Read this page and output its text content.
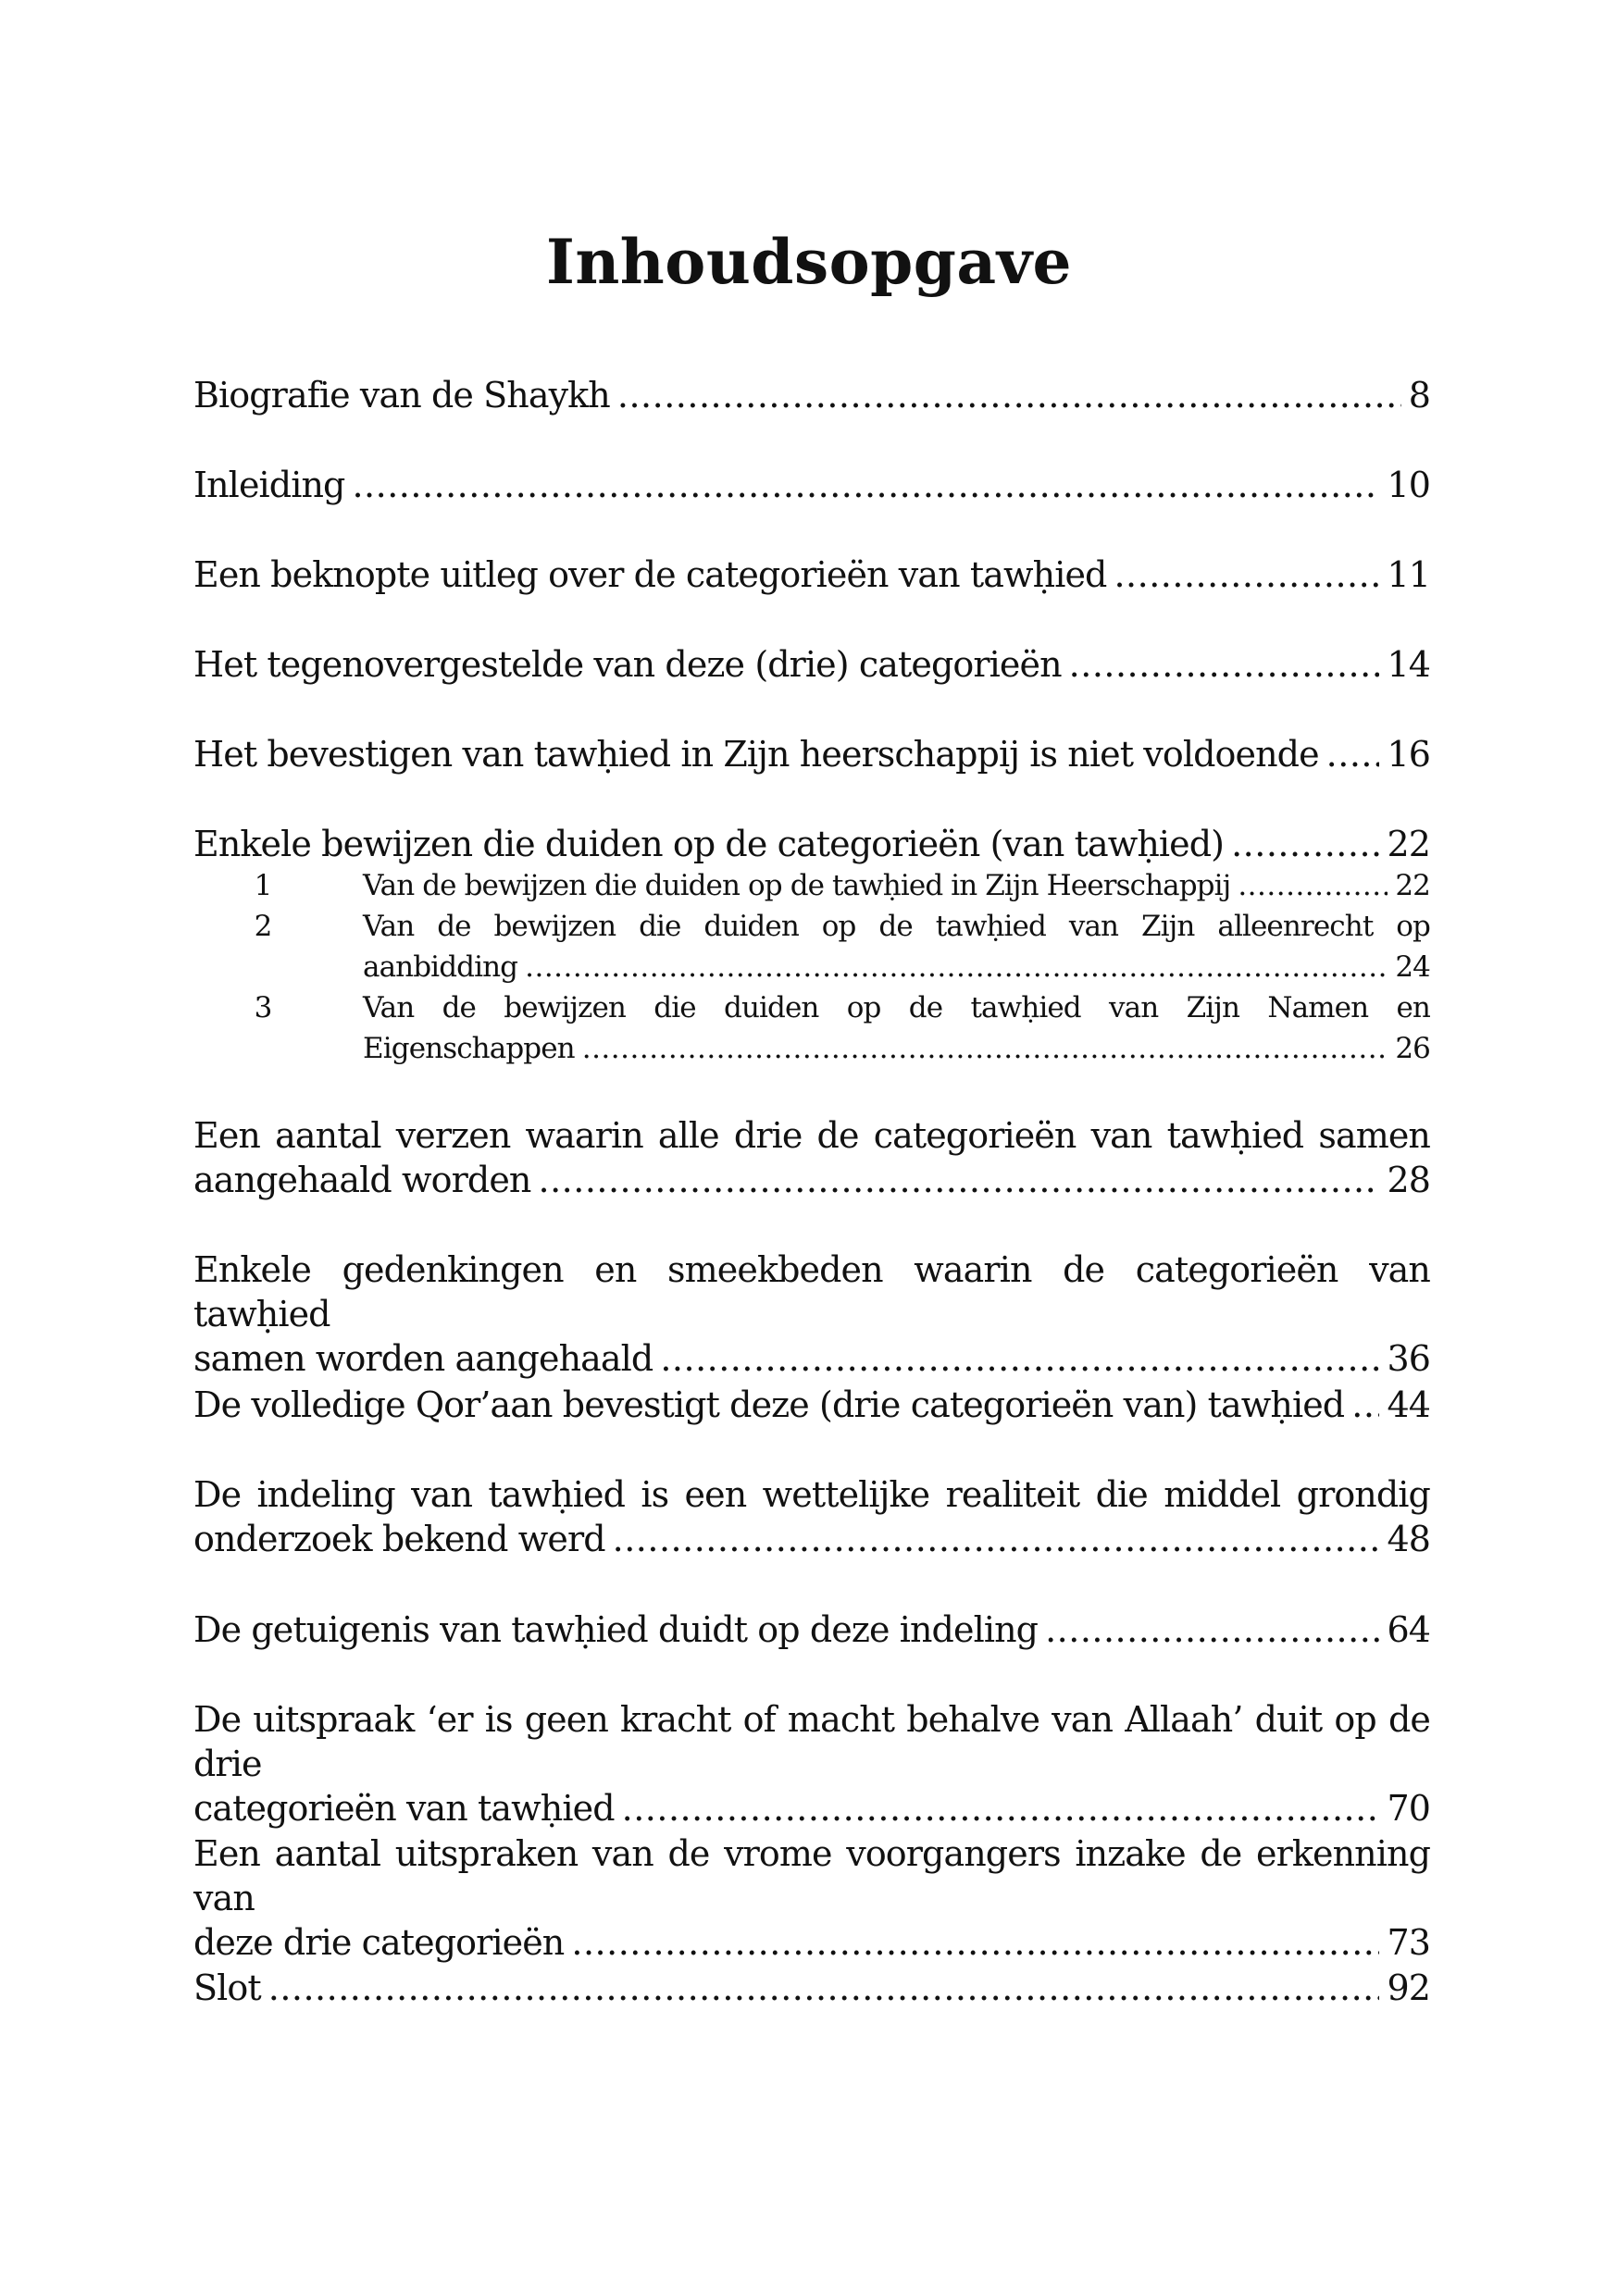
Inhoudsopgave
Biografie van de Shaykh .....	8
Inleiding .....	10
Een beknopte uitleg over de categorieën van tawḥied .....	11
Het tegenovergestelde van deze (drie) categorieën .....	14
Het bevestigen van tawḥied in Zijn heerschappij is niet voldoende ..... 16
Enkele bewijzen die duiden op de categorieën (van tawḥied) .....	22
1	Van de bewijzen die duiden op de tawḥied in Zijn Heerschappij .....	22
2	Van de bewijzen die duiden op de tawḥied van Zijn alleenrecht op
aanbidding .....	24
3	Van de bewijzen die duiden op de tawḥied van Zijn Namen en
Eigenschappen .....	26
Een aantal verzen waarin alle drie de categorieën van tawḥied samen
aangehaald worden .....	28
Enkele gedenkingen en smeekbeden waarin de categorieën van tawḥied
samen worden aangehaald .....	36
De volledige Qor’aan bevestigt deze (drie categorieën van) tawḥied ..... 44
De indeling van tawḥied is een wettelijke realiteit die middel grondig
onderzoek bekend werd .....	48
De getuigenis van tawḥied duidt op deze indeling .....	64
De uitspraak ‘er is geen kracht of macht behalve van Allaah’ duit op de drie
categorieën van tawḥied .....	70
Een aantal uitspraken van de vrome voorgangers inzake de erkenning van
deze drie categorieën .....	73
Slot .....	92
